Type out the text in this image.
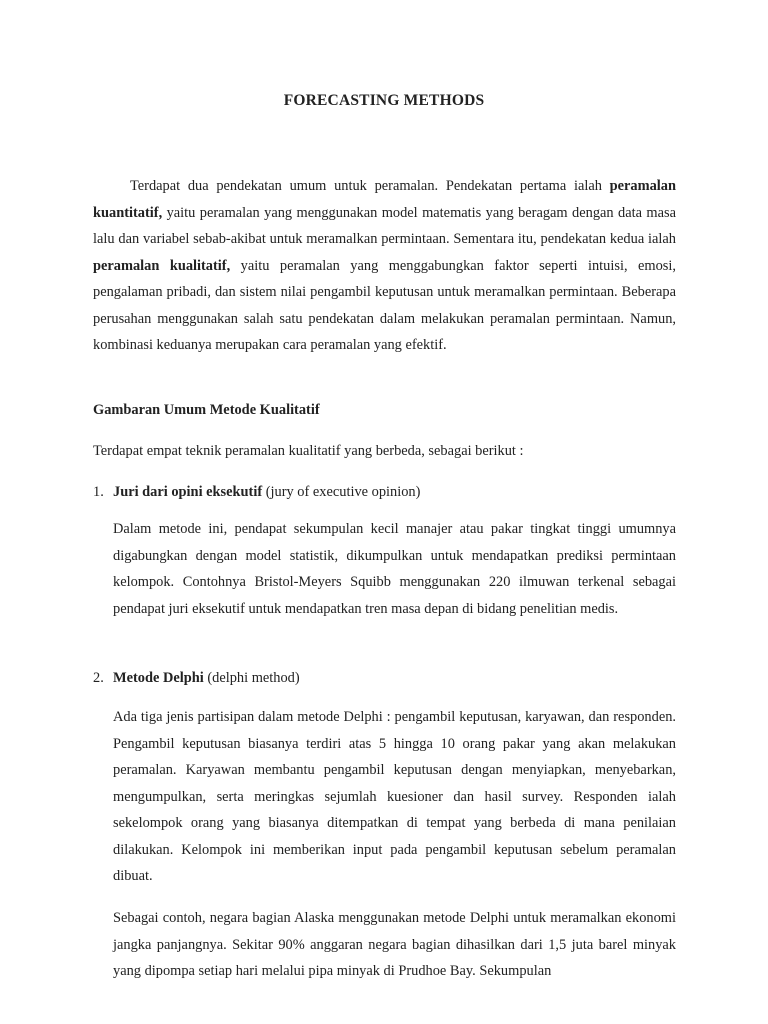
FORECASTING METHODS

Terdapat dua pendekatan umum untuk peramalan. Pendekatan pertama ialah peramalan kuantitatif, yaitu peramalan yang menggunakan model matematis yang beragam dengan data masa lalu dan variabel sebab-akibat untuk meramalkan permintaan. Sementara itu, pendekatan kedua ialah peramalan kualitatif, yaitu peramalan yang menggabungkan faktor seperti intuisi, emosi, pengalaman pribadi, dan sistem nilai pengambil keputusan untuk meramalkan permintaan. Beberapa perusahan menggunakan salah satu pendekatan dalam melakukan peramalan permintaan. Namun, kombinasi keduanya merupakan cara peramalan yang efektif.

Gambaran Umum Metode Kualitatif

Terdapat empat teknik peramalan kualitatif yang berbeda, sebagai berikut :

1. Juri dari opini eksekutif (jury of executive opinion)

Dalam metode ini, pendapat sekumpulan kecil manajer atau pakar tingkat tinggi umumnya digabungkan dengan model statistik, dikumpulkan untuk mendapatkan prediksi permintaan kelompok. Contohnya Bristol-Meyers Squibb menggunakan 220 ilmuwan terkenal sebagai pendapat juri eksekutif untuk mendapatkan tren masa depan di bidang penelitian medis.

2. Metode Delphi (delphi method)

Ada tiga jenis partisipan dalam metode Delphi : pengambil keputusan, karyawan, dan responden. Pengambil keputusan biasanya terdiri atas 5 hingga 10 orang pakar yang akan melakukan peramalan. Karyawan membantu pengambil keputusan dengan menyiapkan, menyebarkan, mengumpulkan, serta meringkas sejumlah kuesioner dan hasil survey. Responden ialah sekelompok orang yang biasanya ditempatkan di tempat yang berbeda di mana penilaian dilakukan. Kelompok ini memberikan input pada pengambil keputusan sebelum peramalan dibuat.

Sebagai contoh, negara bagian Alaska menggunakan metode Delphi untuk meramalkan ekonomi jangka panjangnya. Sekitar 90% anggaran negara bagian dihasilkan dari 1,5 juta barel minyak yang dipompa setiap hari melalui pipa minyak di Prudhoe Bay. Sekumpulan
